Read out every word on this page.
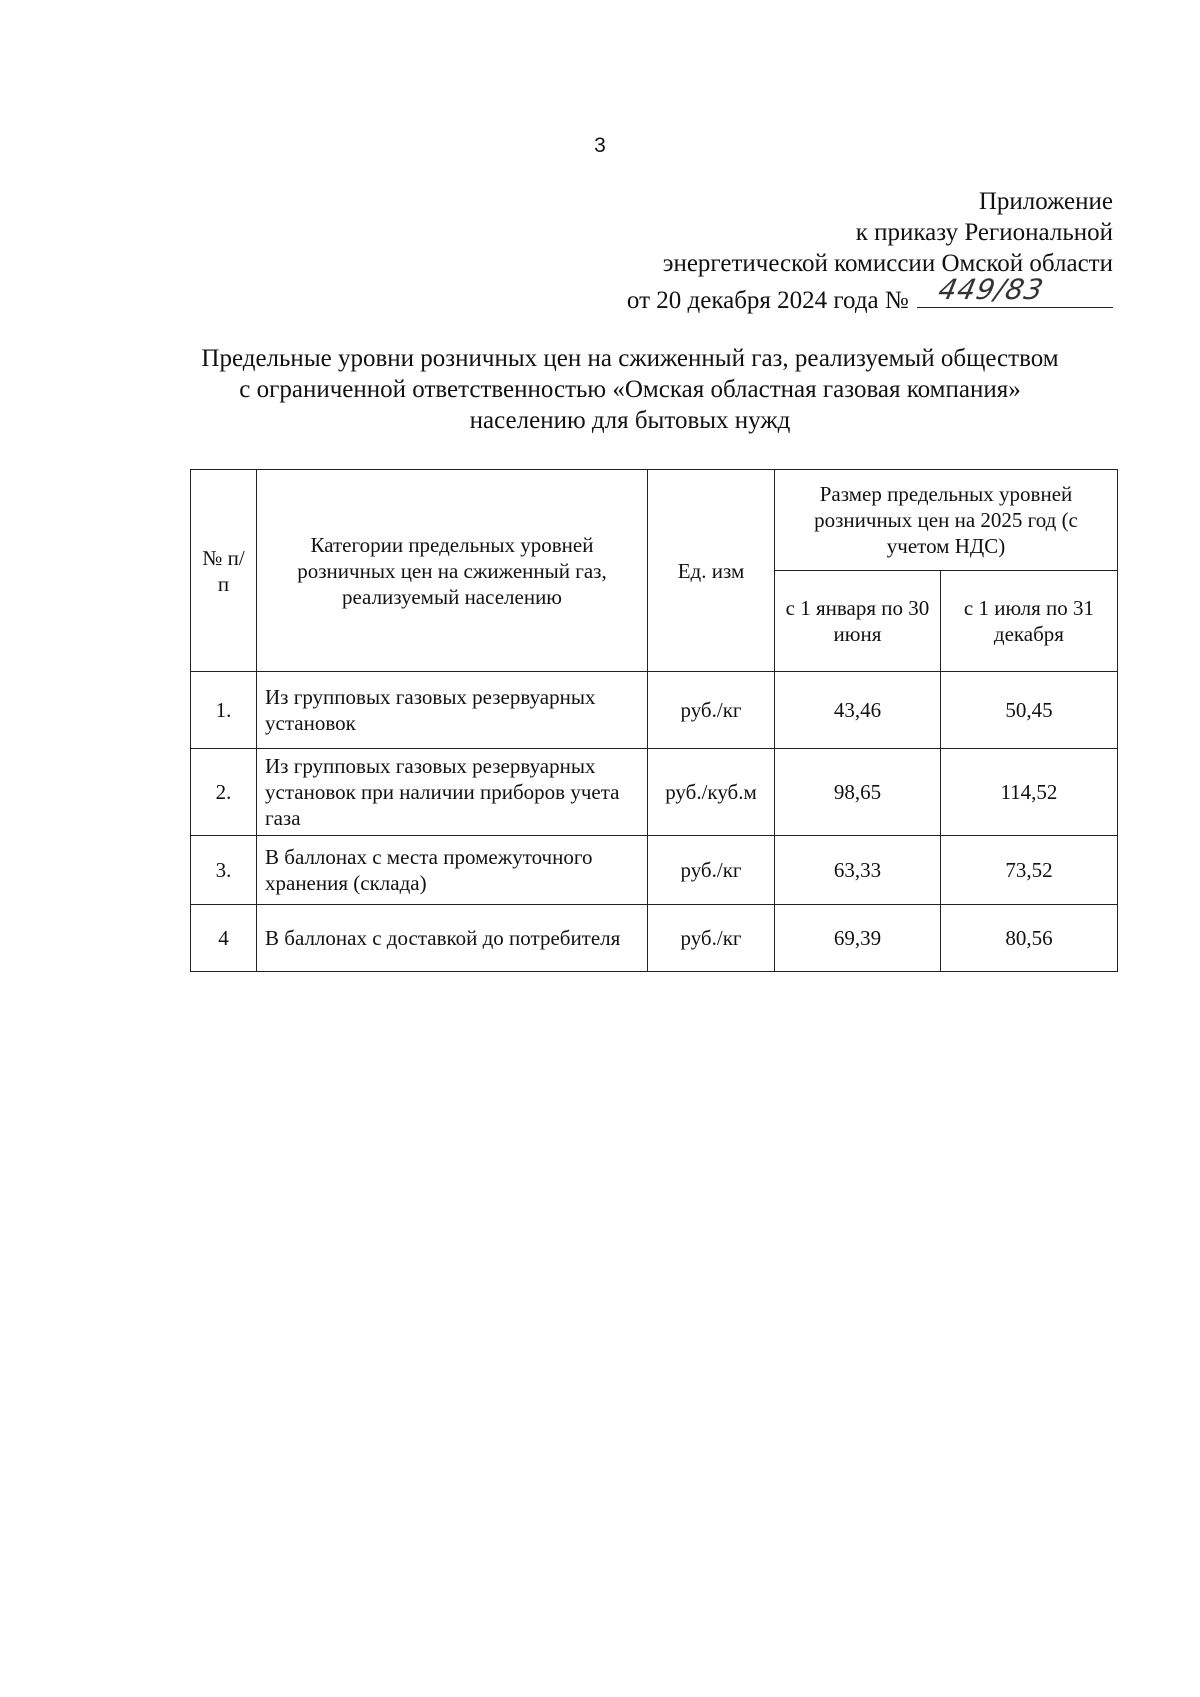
3
Приложение
к приказу Региональной
энергетической комиссии Омской области
от 20 декабря 2024 года № 449/83
Предельные уровни розничных цен на сжиженный газ, реализуемый обществом
с ограниченной ответственностью «Омская областная газовая компания»
населению для бытовых нужд
№ п/п	Категории предельных уровней розничных цен на сжиженный газ, реализуемый населению	Ед. изм	Размер предельных уровней розничных цен на 2025 год (с учетом НДС)	
			с 1 января по 30 июня	с 1 июля по 31 декабря
1.	Из групповых газовых резервуарных установок	руб./кг	43,46	50,45
2.	Из групповых газовых резервуарных установок при наличии приборов учета газа	руб./куб.м	98,65	114,52
3.	В баллонах с места промежуточного хранения (склада)	руб./кг	63,33	73,52
4	В баллонах с доставкой до потребителя	руб./кг	69,39	80,56
